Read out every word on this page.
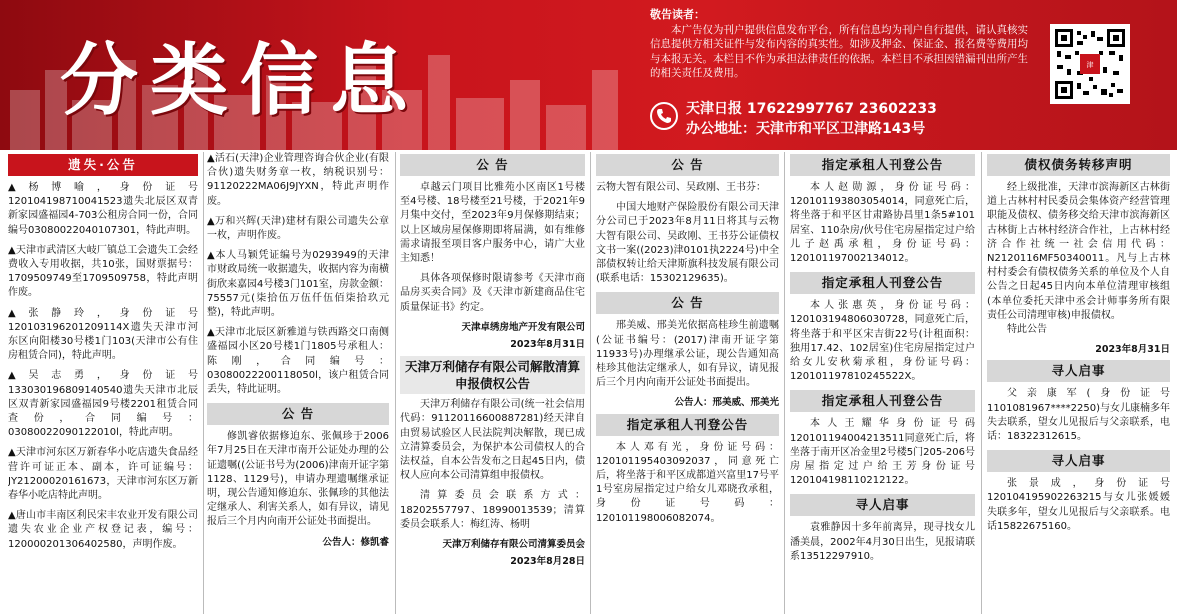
分类信息
敬告读者：
本广告仅为刊户提供信息发布平台，所有信息均为刊户自行提供，请认真核实信息提供方相关证件与发布内容的真实性。如涉及押金、保证金、报名费等费用均与本报无关。本栏目不作为承担法律责任的依据。本栏目不承担因错漏刊出所产生的相关责任及费用。
天津日报 17622997767 23602233
办公地址：天津市和平区卫津路143号
津
遗失·公告

▲杨博喻，身份证号120104198710041523遗失北辰区双青新家园盛福园4-703公租房合同一份，合同编号03080022040107301，特此声明。

▲天津市武清区大岐厂镇总工会遗失工会经费收入专用收据，共10张，国财票据号：1709509749至1709509758，特此声明作废。

▲张静玲，身份证号120103196201209114X遗失天津市河东区向阳楼30号楼1门103(天津市公有住房租赁合同)，特此声明。

▲吴志勇，身份证号133030196809140540遗失天津市北辰区双青新家园盛福园9号楼2201租赁合同查份，合同编号：03080022090122010l，特此声明。

▲天津市河东区万新春华小吃店遗失食品经营许可证正本、副本，许可证编号：JY21200020161673，天津市河东区万新春华小吃店特此声明。

▲唐山市丰南区利民宋丰农业开发有限公司遗失农业企业产权登记表，编号：120000201306402580，声明作废。

▲活石(天津)企业管理咨询合伙企业(有限合伙)遗失财务章一枚，纳税识别号：91120222MA06J9JYXN，特此声明作废。

▲万和兴辉(天津)建材有限公司遗失公章一枚，声明作废。

▲本人马颖凭证编号为0293949的天津市财政局统一收据遗失，收据内容为南横街欣来嘉园4号楼3门101室，房款金额：75557元(柒拾伍万伍仟伍佰柒拾玖元整)，特此声明。

▲天津市北辰区新雅道与铁西路交口南侧盛福园小区20号楼1门1805号承租人：陈刚，合同编号：03080022200118050l，该户租赁合同丢失，特此证明。

公 告

修凯睿依据修迫东、张佩珍于2006年7月25日在天津市南开公证处办理的公证遗嘱((公证书号为(2006)津南开证字第1128、1129号)，申请办理遗嘱继承证明，现公告通知修迫东、张佩珍的其他法定继承人、利害关系人，如有异议，请见报后三个月内向南开公证处书面提出。

公告人：修凯睿
公 告

卓越云门项目比雅苑小区南区1号楼至4号楼、18号楼至21号楼，于2021年9月集中交付，至2023年9月保修期结束；以上区域房屋保修期即将届满，如有维修需求请报至项目客户服务中心，请广大业主知悉！

具体各项保修时限请参考《天津市商品房买卖合同》及《天津市新建商品住宅质量保证书》约定。

天津卓绣房地产开发有限公司
2023年8月31日
天津万利储存有限公司解散清算申报债权公告

天津万利储存有限公司(统一社会信用代码：91120116600887281)经天津自由贸易试验区人民法院判决解散，现已成立清算委员会，为保护本公司债权人的合法权益，自本公告发布之日起45日内，债权人应向本公司清算组申报债权。

清算委员会联系方式：18202557797、18990013539；清算委员会联系人：梅红涛、杨明

天津万利储存有限公司清算委员会
2023年8月28日
公 告

云物大智有限公司、吴政刚、王书芬：

中国大地财产保险股份有限公司天津分公司已于2023年8月11日将其与云物大智有限公司、吴政刚、王书芬公证债权文书一案((2023)津0101执2224号)中全部债权转让给天津斯旗科技发展有限公司(联系电话：15302129635)。

公 告

邢美威、邢美光依据高桂珍生前遗嘱(公证书编号：(2017)津南开证字第11933号)办理继承公证，现公告通知高桂珍其他法定继承人，如有异议，请见报后三个月内向南开公证处书面提出。

公告人：邢美威、邢美光
指定承租人刊登公告

本人邓有光，身份证号码：120101195403092037，同意死亡后，将坐落于和平区成都道兴富里17号平1号室房屋指定过户给女儿邓晓孜承租，身份证号码：120101198006082074。

指定承租人刊登公告

本人赵勋源，身份证号码：120101193803054014，同意死亡后，将坐落于和平区甘肃路协昌里1条5#101居室、110杂房/伙号住宅房屋指定过户给儿子赵禹承租，身份证号码：120101197002134012。

指定承租人刊登公告

本人张惠英，身份证号码：120103194806030728，同意死亡后，将坐落于和平区宋吉街22号(计租面积：独用17.42、102居室)住宅房屋指定过户给女儿安秋菊承租，身份证号码：120101197810245522X。

指定承租人刊登公告

本人王耀华身份证号码120101194004213511同意死亡后，将坐落于南开区冶金里2号楼5门205-206号房屋指定过户给王芳身份证号120104198110212122。

寻人启事

袁雅静因十多年前离异，现寻找女儿潘美晨，2002年4月30日出生，见报请联系13512297910。

债权债务转移声明

经上级批准，天津市滨海新区古林街道上古林村村民委员会集体资产经营管理职能及债权、债务移交给天津市滨海新区古林街上古林村经济合作社，上古林村经济合作社统一社会信用代码：N2120116MF50340011。凡与上古林村村委会有债权债务关系的单位及个人自公告之日起45日内向本单位清理审核组(本单位委托天津中丞会计师事务所有限责任公司清理审核)申报债权。

特此公告

2023年8月31日
寻人启事

父亲康军(身份证号1101081967****2250)与女儿康楠多年失去联系，望女儿见报后与父亲联系，电话：18322312615。

寻人启事

张景成，身份证号120104195902263215与女儿张媛媛失联多年，望女儿见报后与父亲联系。电话15822675160。
